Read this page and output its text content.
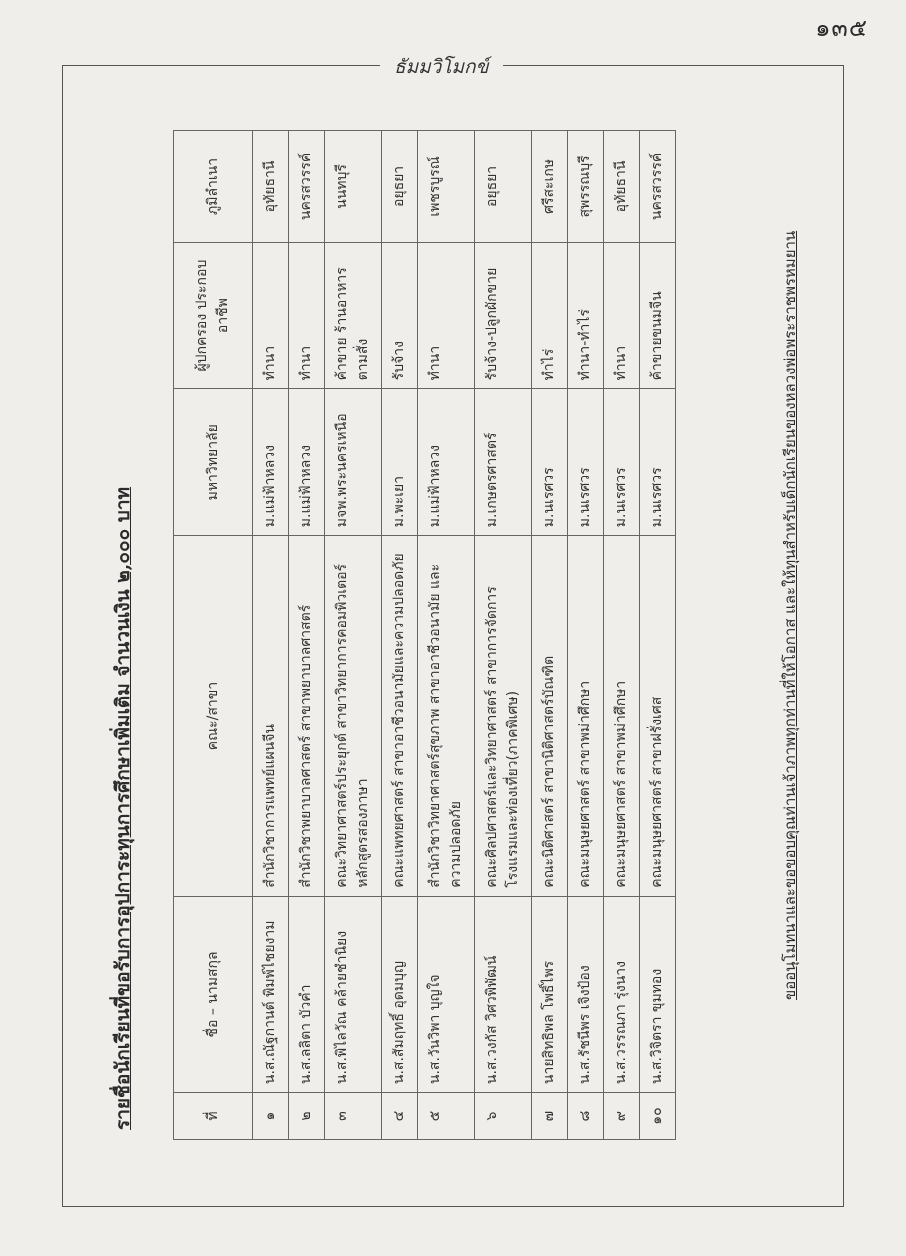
๑๓๕
ธัมมวิโมกข์
รายชื่อนักเรียนที่ขอรับการอุปการะทุนการศึกษาเพิ่มเติม จำนวนเงิน ๒,๐๐๐ บาท	ที่	ชื่อ – นามสกุล	คณะ/สาขา	มหาวิทยาลัย	ผู้ปกครอง ประกอบอาชีพ	ภูมิลำเนา
๑	น.ส.ณัฐกานต์ พิมพ์ไชยงาม	สำนักวิชาการแพทย์แผนจีน	ม.แม่ฟ้าหลวง	ทำนา	อุทัยธานี
๒	น.ส.ลลิตา บัวคำ	สำนักวิชาพยาบาลศาสตร์ สาขาพยาบาลศาสตร์	ม.แม่ฟ้าหลวง	ทำนา	นครสวรรค์
๓	น.ส.พิไลวัณ คล้ายชำนิยง	คณะวิทยาศาสตร์ประยุกต์ สาขาวิทยาการคอมพิวเตอร์ หลักสูตรสองภาษา	มจพ.พระนครเหนือ	ค้าขาย ร้านอาหารตามสั่ง	นนทบุรี
๔	น.ส.สัมฤทธิ์ อุดมบุญ	คณะแพทยศาสตร์ สาขาอาชีวอนามัยและความปลอดภัย	ม.พะเยา	รับจ้าง	อยุธยา
๕	น.ส.วันวิพา บุญใจ	สำนักวิชาวิทยาศาสตร์สุขภาพ สาขาอาชีวอนามัย และความปลอดภัย	ม.แม่ฟ้าหลวง	ทำนา	เพชรบูรณ์
๖	น.ส.วงกัส วิศวพิพัฒน์	คณะศิลปศาสตร์และวิทยาศาสตร์ สาขาการจัดการ โรงแรมและท่องเที่ยว(ภาคพิเศษ)	ม.เกษตรศาสตร์	รับจ้าง-ปลูกผักขาย	อยุธยา
๗	นายสิทธิพล โพธิ์ไพร	คณะนิติศาสตร์ สาขานิติศาสตร์บัณฑิต	ม.นเรศวร	ทำไร่	ศรีสะเกษ
๘	น.ส.รัชนีพร เจิงป้อง	คณะมนุษยศาสตร์ สาขาพม่าศึกษา	ม.นเรศวร	ทำนา-ทำไร่	สุพรรณบุรี
๙	น.ส.วรรณภา รุ่งนาง	คณะมนุษยศาสตร์ สาขาพม่าศึกษา	ม.นเรศวร	ทำนา	อุทัยธานี
๑๐	น.ส.วิจิตรา ขุมทอง	คณะมนุษยศาสตร์ สาขาฝรั่งเศส	ม.นเรศวร	ค้าขายขนมจีน	นครสวรรค์
ขออนุโมทนาและขอขอบคุณท่านเจ้าภาพทุกท่านที่ให้โอกาส และให้ทุนสำหรับเด็กนักเรียนของหลวงพ่อพระราชพรหมยาน
